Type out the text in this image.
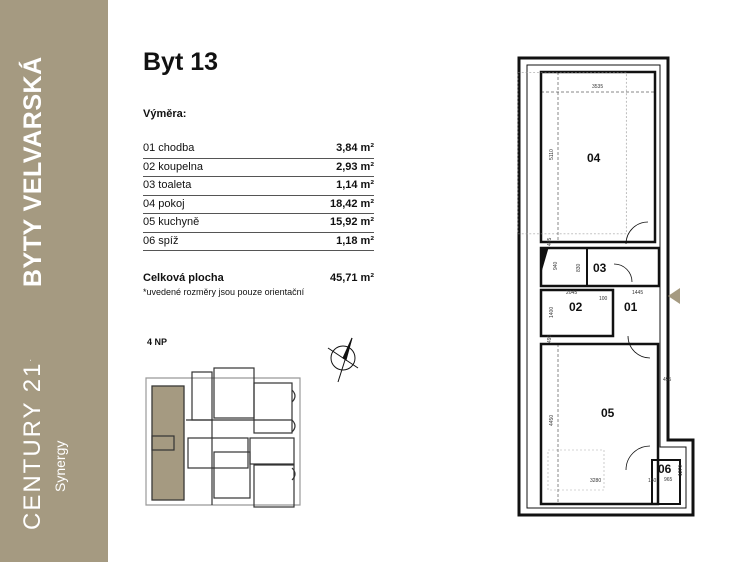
BYTY VELVARSKÁ
CENTURY 21.
Synergy
Byt 13
Výměra:
01 chodba	3,84 m²
02 koupelna	2,93 m²
03 toaleta	1,14 m²
04 pokoj	18,42 m²
05 kuchyně	15,92 m²
06 spíž	1,18 m²
Celková plocha	45,71 m²
*uvedené rozměry jsou pouze orientační
4 NP
04
03
02	01
05
06
3535
5110
445
940	830
2045	1445
100
1400
495
495
4450
3280	150 965
1270
